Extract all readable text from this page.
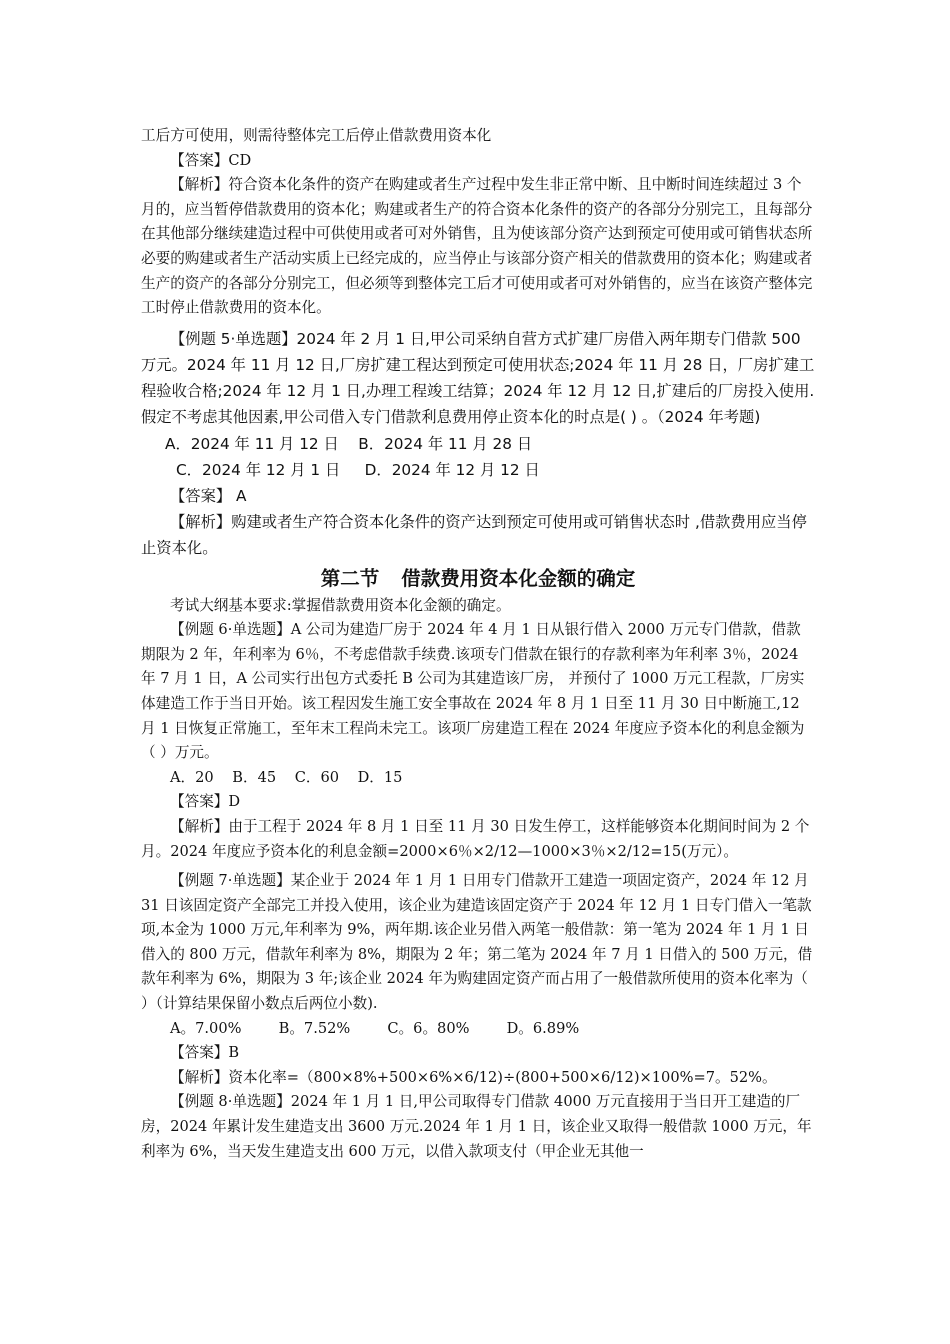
工后方可使用，则需待整体完工后停止借款费用资本化

【答案】CD

【解析】符合资本化条件的资产在购建或者生产过程中发生非正常中断、且中断时间连续超过 3 个月的，应当暂停借款费用的资本化；购建或者生产的符合资本化条件的资产的各部分分别完工，且每部分在其他部分继续建造过程中可供使用或者可对外销售，且为使该部分资产达到预定可使用或可销售状态所必要的购建或者生产活动实质上已经完成的，应当停止与该部分资产相关的借款费用的资本化；购建或者生产的资产的各部分分别完工，但必须等到整体完工后才可使用或者可对外销售的，应当在该资产整体完工时停止借款费用的资本化。

【例题 5·单选题】2024 年 2 月 1 日,甲公司采纳自营方式扩建厂房借入两年期专门借款 500 万元。2024 年 11 月 12 日,厂房扩建工程达到预定可使用状态;2024 年 11 月 28 日，厂房扩建工程验收合格;2024 年 12 月 1 日,办理工程竣工结算；2024 年 12 月 12 日,扩建后的厂房投入使用.假定不考虑其他因素,甲公司借入专门借款利息费用停止资本化的时点是( ) 。（2024 年考题)

A．2024 年 11 月 12 日    B．2024 年 11 月 28 日

C．2024 年 12 月 1 日     D．2024 年 12 月 12 日

【答案】 A

【解析】购建或者生产符合资本化条件的资产达到预定可使用或可销售状态时 ,借款费用应当停止资本化。

第二节 借款费用资本化金额的确定

考试大纲基本要求:掌握借款费用资本化金额的确定。

【例题 6·单选题】A 公司为建造厂房于 2024 年 4 月 1 日从银行借入 2000 万元专门借款，借款期限为 2 年，年利率为 6％，不考虑借款手续费.该项专门借款在银行的存款利率为年利率 3％，2024 年 7 月 1 日，A 公司实行出包方式委托 B 公司为其建造该厂房， 并预付了 1000 万元工程款，厂房实体建造工作于当日开始。该工程因发生施工安全事故在 2024 年 8 月 1 日至 11 月 30 日中断施工,12 月 1 日恢复正常施工，至年末工程尚未完工。该项厂房建造工程在 2024 年度应予资本化的利息金额为（ ）万元。

A．20    B．45    C．60    D．15

【答案】D

【解析】由于工程于 2024 年 8 月 1 日至 11 月 30 日发生停工，这样能够资本化期间时间为 2 个月。2024 年度应予资本化的利息金额=2000×6％×2/12—1000×3％×2/12=15(万元）。

【例题 7·单选题】某企业于 2024 年 1 月 1 日用专门借款开工建造一项固定资产，2024 年 12 月 31 日该固定资产全部完工并投入使用，该企业为建造该固定资产于 2024 年 12 月 1 日专门借入一笔款项,本金为 1000 万元,年利率为 9%，两年期.该企业另借入两笔一般借款：第一笔为 2024 年 1 月 1 日借入的 800 万元，借款年利率为 8%，期限为 2 年；第二笔为 2024 年 7 月 1 日借入的 500 万元，借款年利率为 6%，期限为 3 年;该企业 2024 年为购建固定资产而占用了一般借款所使用的资本化率为（ ）（计算结果保留小数点后两位小数).

A。7.00%        B。7.52%        C。6。80%        D。6.89%

【答案】B

【解析】资本化率=（800×8%+500×6%×6/12)÷(800+500×6/12)×100%=7。52%。

【例题 8·单选题】2024 年 1 月 1 日,甲公司取得专门借款 4000 万元直接用于当日开工建造的厂房，2024 年累计发生建造支出 3600 万元.2024 年 1 月 1 日，该企业又取得一般借款 1000 万元，年利率为 6%，当天发生建造支出 600 万元，以借入款项支付（甲企业无其他一
